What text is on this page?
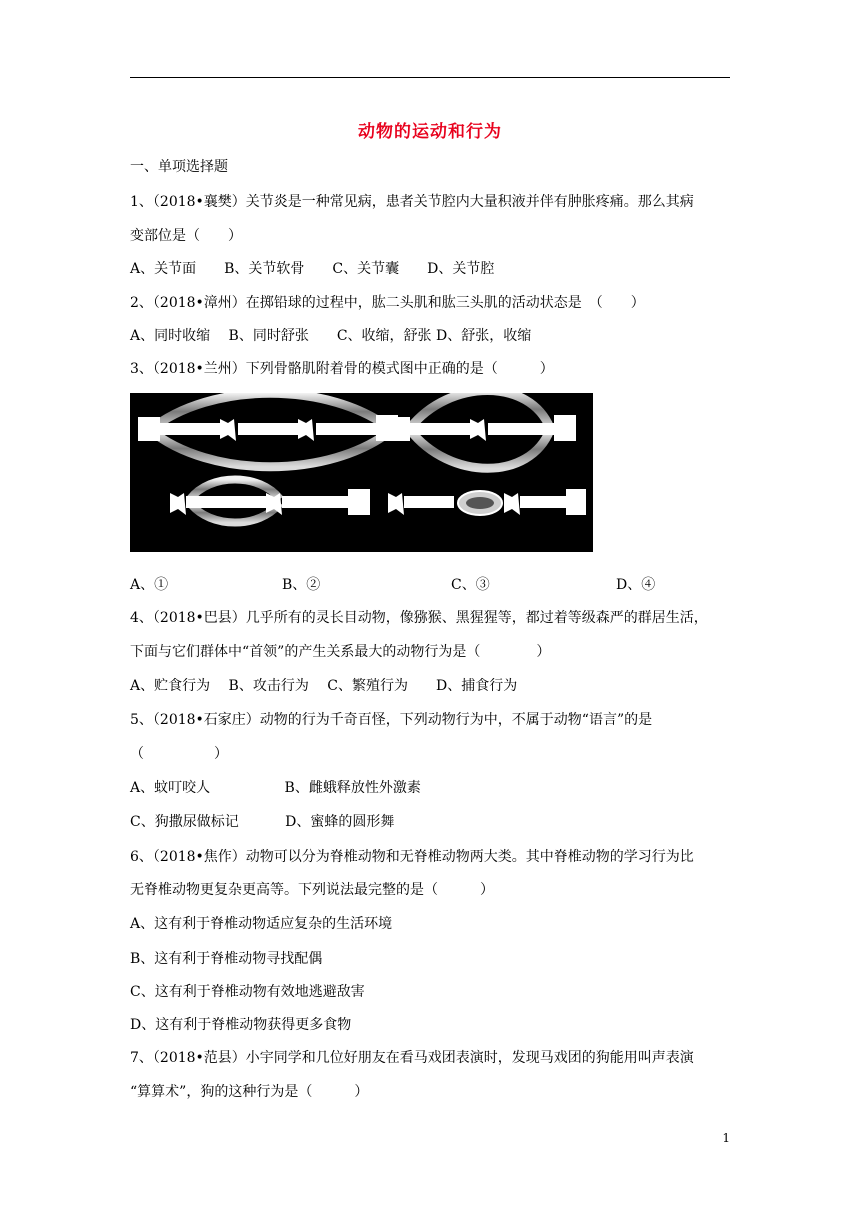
动物的运动和行为
一、单项选择题
1、（2018•襄樊）关节炎是一种常见病，患者关节腔内大量积液并伴有肿胀疼痛。那么其病
变部位是（　　）
A、关节面　　B、关节软骨　　C、关节囊　　D、关节腔
2、（2018•漳州）在掷铅球的过程中，肱二头肌和肱三头肌的活动状态是　（　　）
A、同时收缩　 B、同时舒张　　C、收缩，舒张 D、舒张，收缩
3、（2018•兰州）下列骨骼肌附着骨的模式图中正确的是（　　　）
A、①	B、②	C、③	D、④
4、（2018•巴县）几乎所有的灵长目动物，像猕猴、黑猩猩等，都过着等级森严的群居生活，
下面与它们群体中“首领”的产生关系最大的动物行为是（　　　　）
A、贮食行为　 B、攻击行为　 C、繁殖行为　　D、捕食行为
5、（2018•石家庄）动物的行为千奇百怪，下列动物行为中，不属于动物“语言”的是
（　　　　　）
A、蚊叮咬人　　　　　 B、雌蛾释放性外激素
C、狗撒尿做标记　　　 D、蜜蜂的圆形舞
6、（2018•焦作）动物可以分为脊椎动物和无脊椎动物两大类。其中脊椎动物的学习行为比
无脊椎动物更复杂更高等。下列说法最完整的是（　　　）
A、这有利于脊椎动物适应复杂的生活环境
B、这有利于脊椎动物寻找配偶
C、这有利于脊椎动物有效地逃避敌害
D、这有利于脊椎动物获得更多食物
7、（2018•范县）小宇同学和几位好朋友在看马戏团表演时，发现马戏团的狗能用叫声表演
“算算术”，狗的这种行为是（　　　）
1
